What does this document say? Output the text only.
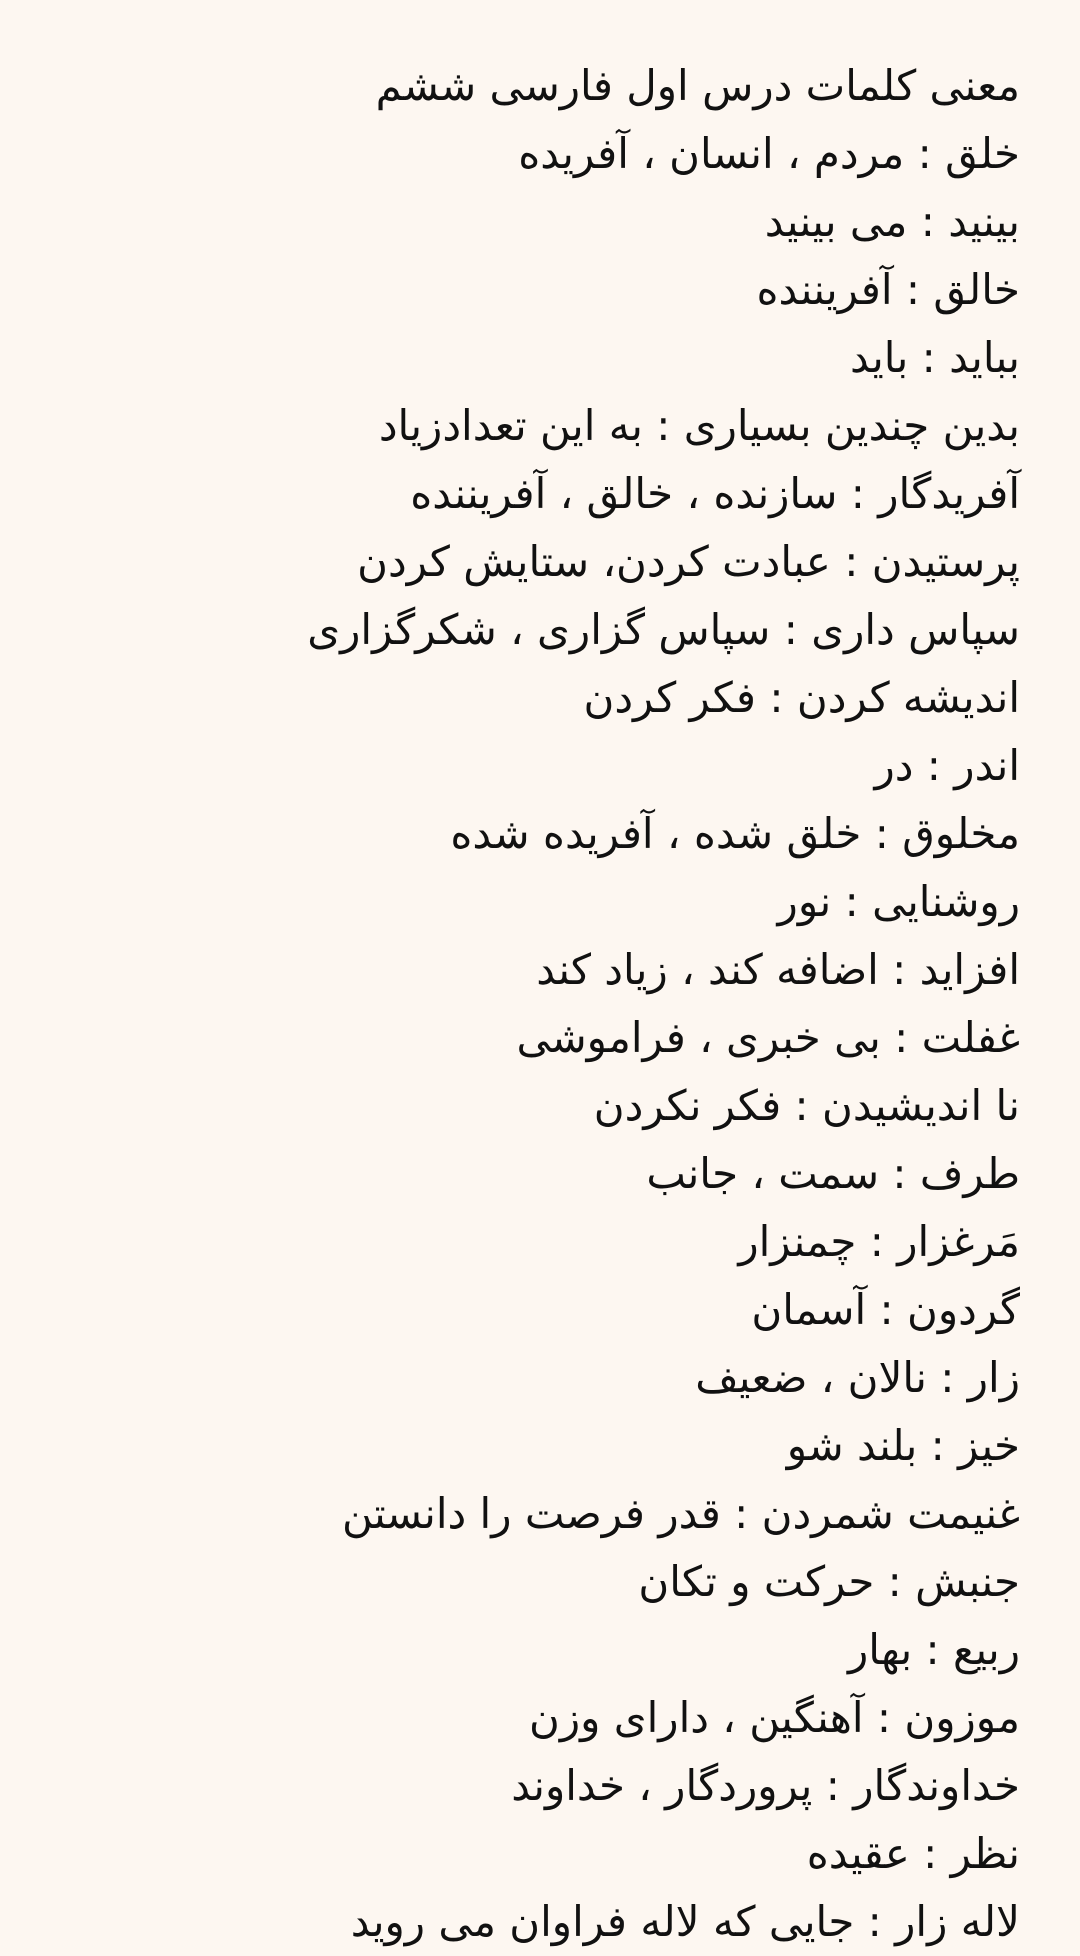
معنی کلمات درس اول فارسی ششم
خلق : مردم ، انسان ، آفریده
بینید : می بینید
خالق : آفریننده
بباید : باید
بدین چندین بسیاری : به این تعدادزیاد
آفریدگار : سازنده ، خالق ، آفریننده
پرستیدن : عبادت کردن، ستایش کردن
سپاس داری : سپاس گزاری ، شکرگزاری
اندیشه کردن : فکر کردن
اندر : در
مخلوق : خلق شده ، آفریده شده
روشنایی : نور
افزاید : اضافه کند ، زیاد کند
غفلت : بی خبری ، فراموشی
نا اندیشیدن : فکر نکردن
طرف : سمت ، جانب
مَرغزار : چمنزار
گردون : آسمان
زار : نالان ، ضعیف
خیز : بلند شو
غنیمت شمردن : قدر فرصت را دانستن
جنبش : حرکت و تکان
ربیع : بهار
موزون : آهنگین ، دارای وزن
خداوندگار : پروردگار ، خداوند
نظر : عقیده
لاله زار : جایی که لاله فراوان می روید
